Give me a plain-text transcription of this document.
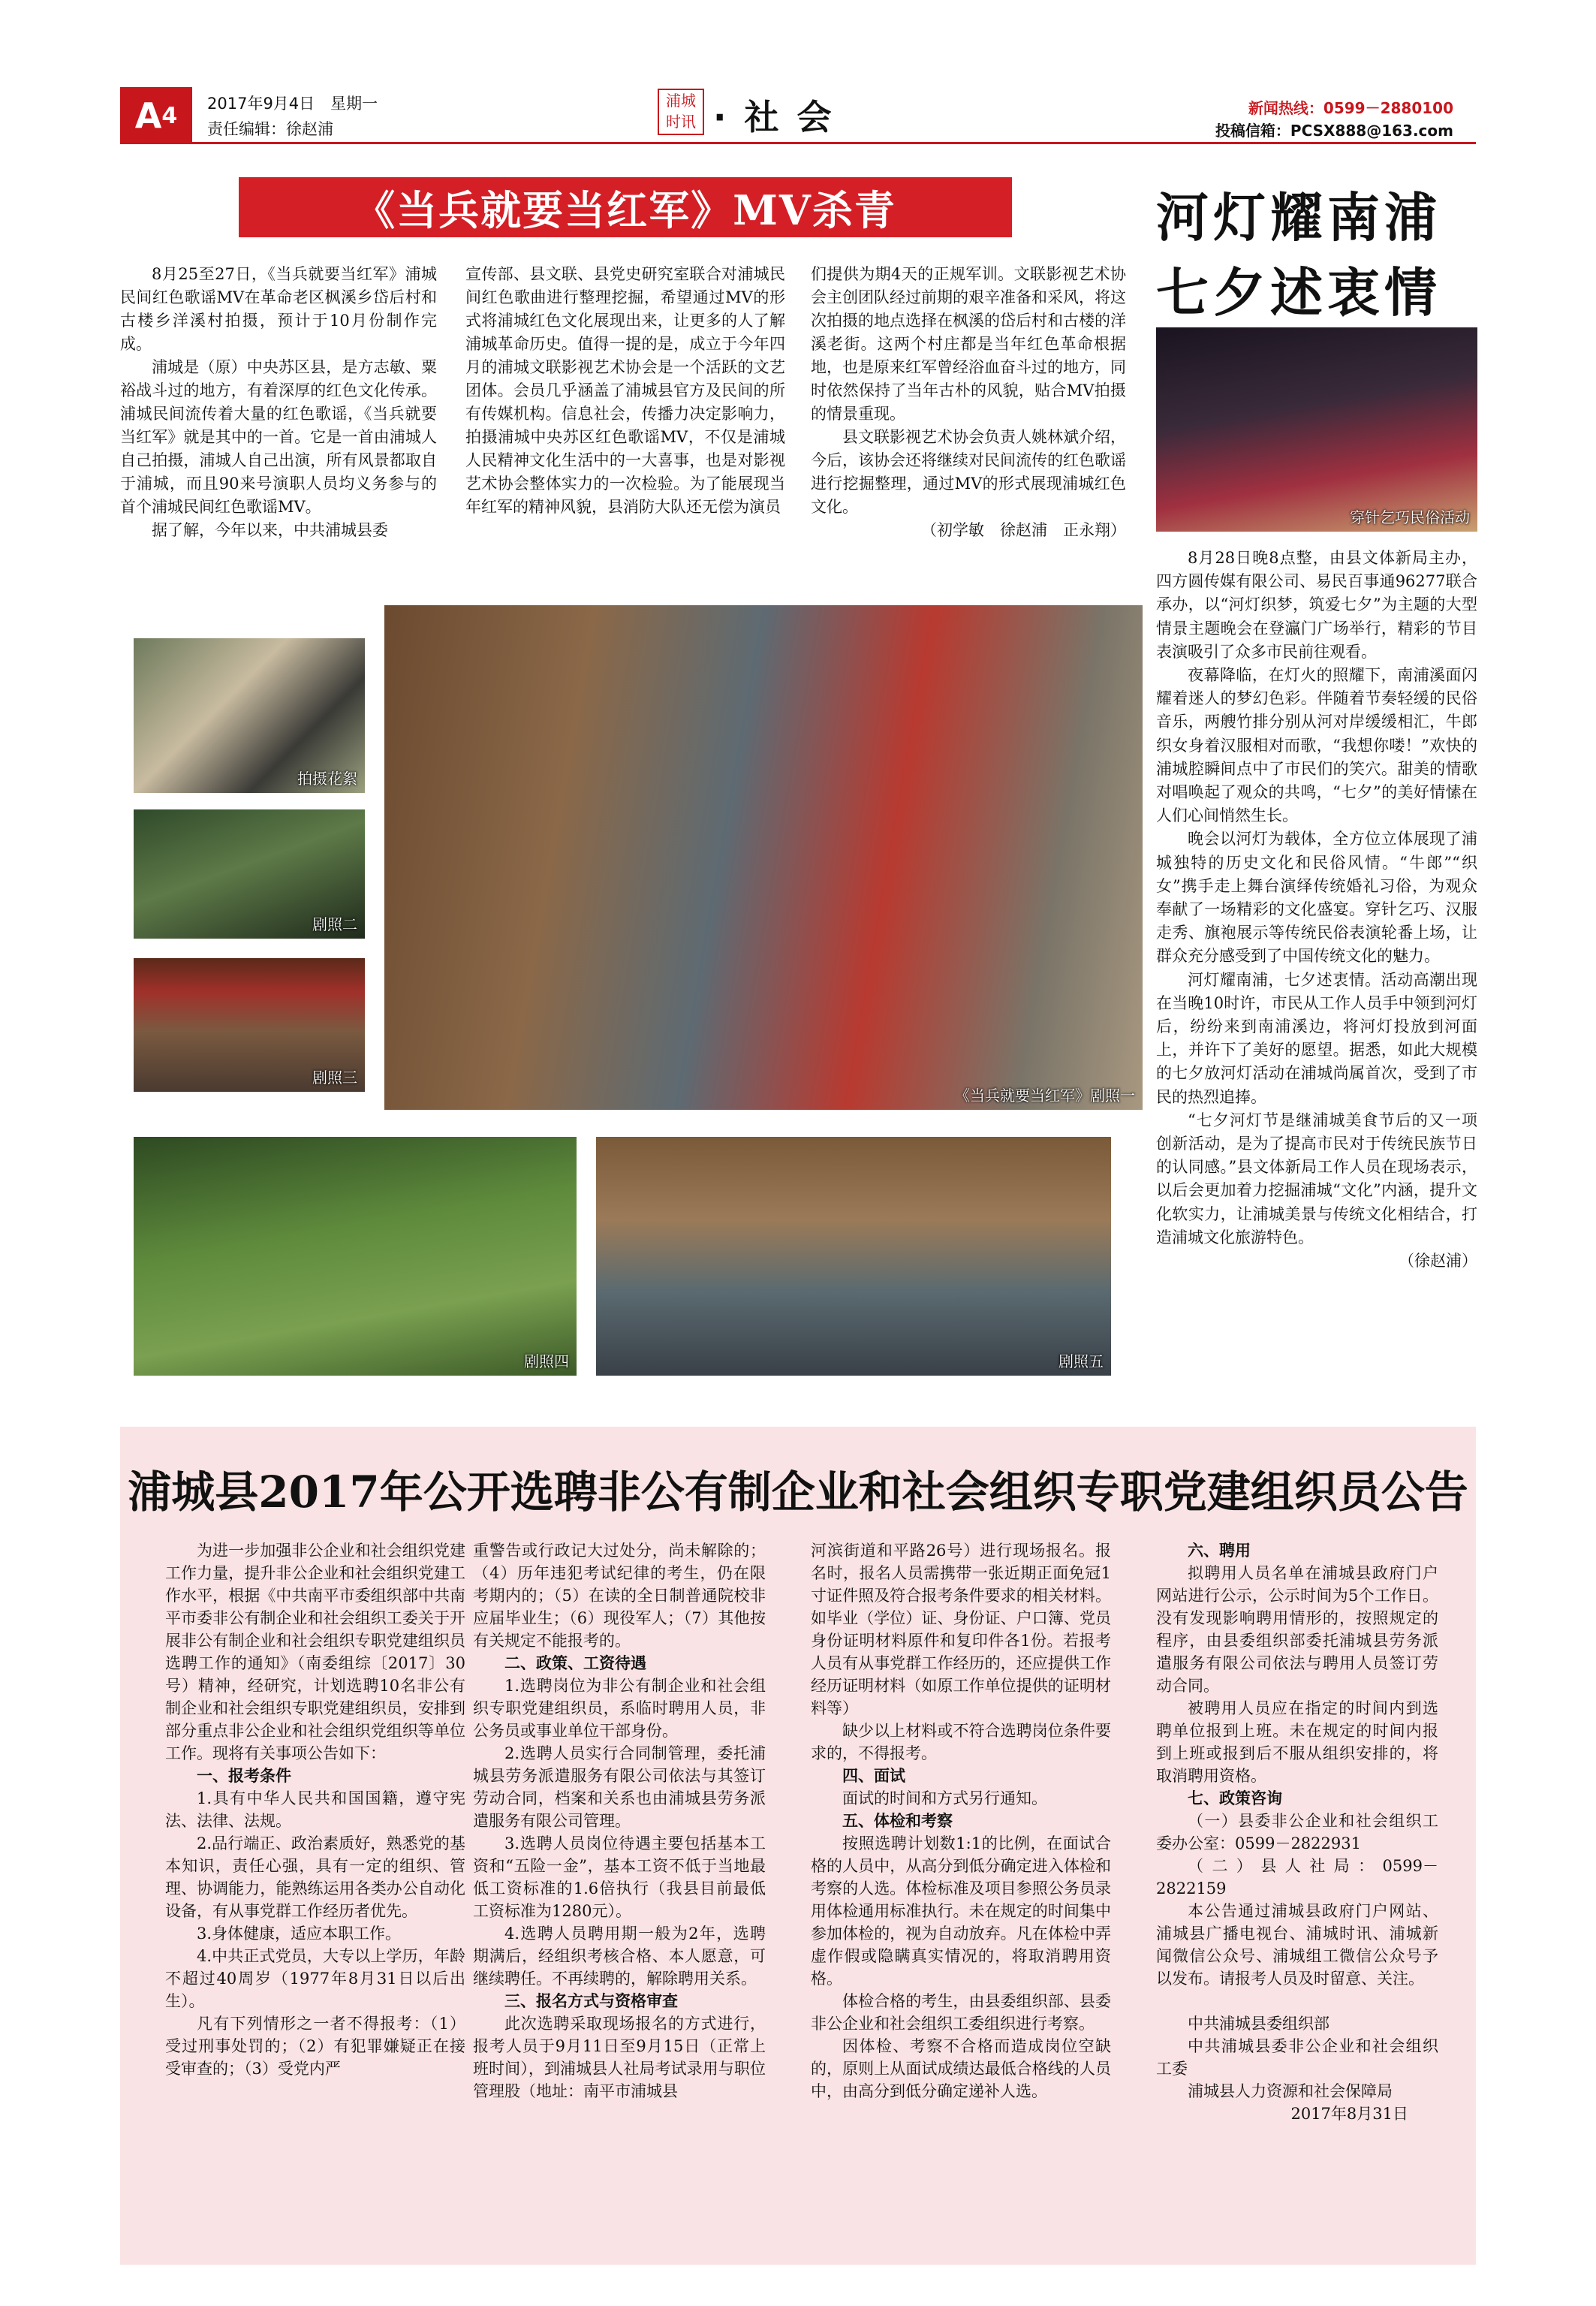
A 4 2017年9月4日　星期一
责任编辑：徐赵浦
浦城时讯 ·社会	新闻热线：0599－2880100
投稿信箱：PCSX888@163.com
《当兵就要当红军》MV杀青

8月25至27日，《当兵就要当红军》浦城民间红色歌谣MV在革命老区枫溪乡岱后村和古楼乡洋溪村拍摄，预计于10月份制作完成。

浦城是（原）中央苏区县，是方志敏、粟裕战斗过的地方，有着深厚的红色文化传承。浦城民间流传着大量的红色歌谣，《当兵就要当红军》就是其中的一首。它是一首由浦城人自己拍摄，浦城人自己出演，所有风景都取自于浦城，而且90来号演职人员均义务参与的首个浦城民间红色歌谣MV。

据了解，今年以来，中共浦城县委

宣传部、县文联、县党史研究室联合对浦城民间红色歌曲进行整理挖掘，希望通过MV的形式将浦城红色文化展现出来，让更多的人了解浦城革命历史。值得一提的是，成立于今年四月的浦城文联影视艺术协会是一个活跃的文艺团体。会员几乎涵盖了浦城县官方及民间的所有传媒机构。信息社会，传播力决定影响力，拍摄浦城中央苏区红色歌谣MV，不仅是浦城人民精神文化生活中的一大喜事，也是对影视艺术协会整体实力的一次检验。为了能展现当年红军的精神风貌，县消防大队还无偿为演员

们提供为期4天的正规军训。文联影视艺术协会主创团队经过前期的艰辛准备和采风，将这次拍摄的地点选择在枫溪的岱后村和古楼的洋溪老街。这两个村庄都是当年红色革命根据地，也是原来红军曾经浴血奋斗过的地方，同时依然保持了当年古朴的风貌，贴合MV拍摄的情景重现。

县文联影视艺术协会负责人姚林斌介绍，今后，该协会还将继续对民间流传的红色歌谣进行挖掘整理，通过MV的形式展现浦城红色文化。

（初学敏　徐赵浦　正永翔）

拍摄花絮
剧照二
剧照三
《当兵就要当红军》剧照一
剧照四	剧照五
河灯耀南浦
七夕述衷情
穿针乞巧民俗活动

8月28日晚8点整，由县文体新局主办，四方圆传媒有限公司、易民百事通96277联合承办，以“河灯织梦，筑爱七夕”为主题的大型情景主题晚会在登瀛门广场举行，精彩的节目表演吸引了众多市民前往观看。

夜幕降临，在灯火的照耀下，南浦溪面闪耀着迷人的梦幻色彩。伴随着节奏轻缓的民俗音乐，两艘竹排分别从河对岸缓缓相汇，牛郎织女身着汉服相对而歌，“我想你喽！”欢快的浦城腔瞬间点中了市民们的笑穴。甜美的情歌对唱唤起了观众的共鸣，“七夕”的美好情愫在人们心间悄然生长。

晚会以河灯为载体，全方位立体展现了浦城独特的历史文化和民俗风情。“牛郎”“织女”携手走上舞台演绎传统婚礼习俗，为观众奉献了一场精彩的文化盛宴。穿针乞巧、汉服走秀、旗袍展示等传统民俗表演轮番上场，让群众充分感受到了中国传统文化的魅力。

河灯耀南浦，七夕述衷情。活动高潮出现在当晚10时许，市民从工作人员手中领到河灯后，纷纷来到南浦溪边，将河灯投放到河面上，并许下了美好的愿望。据悉，如此大规模的七夕放河灯活动在浦城尚属首次，受到了市民的热烈追捧。

“七夕河灯节是继浦城美食节后的又一项创新活动，是为了提高市民对于传统民族节日的认同感。”县文体新局工作人员在现场表示，以后会更加着力挖掘浦城“文化”内涵，提升文化软实力，让浦城美景与传统文化相结合，打造浦城文化旅游特色。

（徐赵浦）

浦城县2017年公开选聘非公有制企业和社会组织专职党建组织员公告

为进一步加强非公企业和社会组织党建工作力量，提升非公企业和社会组织党建工作水平，根据《中共南平市委组织部中共南平市委非公有制企业和社会组织工委关于开展非公有制企业和社会组织专职党建组织员选聘工作的通知》（南委组综〔2017〕30号）精神，经研究，计划选聘10名非公有制企业和社会组织专职党建组织员，安排到部分重点非公企业和社会组织党组织等单位工作。现将有关事项公告如下：

一、报考条件

1.具有中华人民共和国国籍，遵守宪法、法律、法规。

2.品行端正、政治素质好，熟悉党的基本知识，责任心强，具有一定的组织、管理、协调能力，能熟练运用各类办公自动化设备，有从事党群工作经历者优先。

3.身体健康，适应本职工作。

4.中共正式党员，大专以上学历，年龄不超过40周岁（1977年8月31日以后出生）。

凡有下列情形之一者不得报考：（1）受过刑事处罚的；（2）有犯罪嫌疑正在接受审查的；（3）受党内严

重警告或行政记大过处分，尚未解除的；（4）历年违犯考试纪律的考生，仍在限考期内的；（5）在读的全日制普通院校非应届毕业生；（6）现役军人；（7）其他按有关规定不能报考的。

二、政策、工资待遇

1.选聘岗位为非公有制企业和社会组织专职党建组织员，系临时聘用人员，非公务员或事业单位干部身份。

2.选聘人员实行合同制管理，委托浦城县劳务派遣服务有限公司依法与其签订劳动合同，档案和关系也由浦城县劳务派遣服务有限公司管理。

3.选聘人员岗位待遇主要包括基本工资和“五险一金”，基本工资不低于当地最低工资标准的1.6倍执行（我县目前最低工资标准为1280元）。

4.选聘人员聘用期一般为2年，选聘期满后，经组织考核合格、本人愿意，可继续聘任。不再续聘的，解除聘用关系。

三、报名方式与资格审查

此次选聘采取现场报名的方式进行，报考人员于9月11日至9月15日（正常上班时间），到浦城县人社局考试录用与职位管理股（地址：南平市浦城县

河滨街道和平路26号）进行现场报名。报名时，报名人员需携带一张近期正面免冠1寸证件照及符合报考条件要求的相关材料。如毕业（学位）证、身份证、户口簿、党员身份证明材料原件和复印件各1份。若报考人员有从事党群工作经历的，还应提供工作经历证明材料（如原工作单位提供的证明材料等）

缺少以上材料或不符合选聘岗位条件要求的，不得报考。

四、面试

面试的时间和方式另行通知。

五、体检和考察

按照选聘计划数1:1的比例，在面试合格的人员中，从高分到低分确定进入体检和考察的人选。体检标准及项目参照公务员录用体检通用标准执行。未在规定的时间集中参加体检的，视为自动放弃。凡在体检中弄虚作假或隐瞒真实情况的，将取消聘用资格。

体检合格的考生，由县委组织部、县委非公企业和社会组织工委组织进行考察。

因体检、考察不合格而造成岗位空缺的，原则上从面试成绩达最低合格线的人员中，由高分到低分确定递补人选。

六、聘用

拟聘用人员名单在浦城县政府门户网站进行公示，公示时间为5个工作日。没有发现影响聘用情形的，按照规定的程序，由县委组织部委托浦城县劳务派遣服务有限公司依法与聘用人员签订劳动合同。

被聘用人员应在指定的时间内到选聘单位报到上班。未在规定的时间内报到上班或报到后不服从组织安排的，将取消聘用资格。

七、政策咨询

（一）县委非公企业和社会组织工委办公室：0599－2822931

（二）县人社局：0599－2822159

本公告通过浦城县政府门户网站、浦城县广播电视台、浦城时讯、浦城新闻微信公众号、浦城组工微信公众号予以发布。请报考人员及时留意、关注。

中共浦城县委组织部

中共浦城县委非公企业和社会组织工委

浦城县人力资源和社会保障局

2017年8月31日
